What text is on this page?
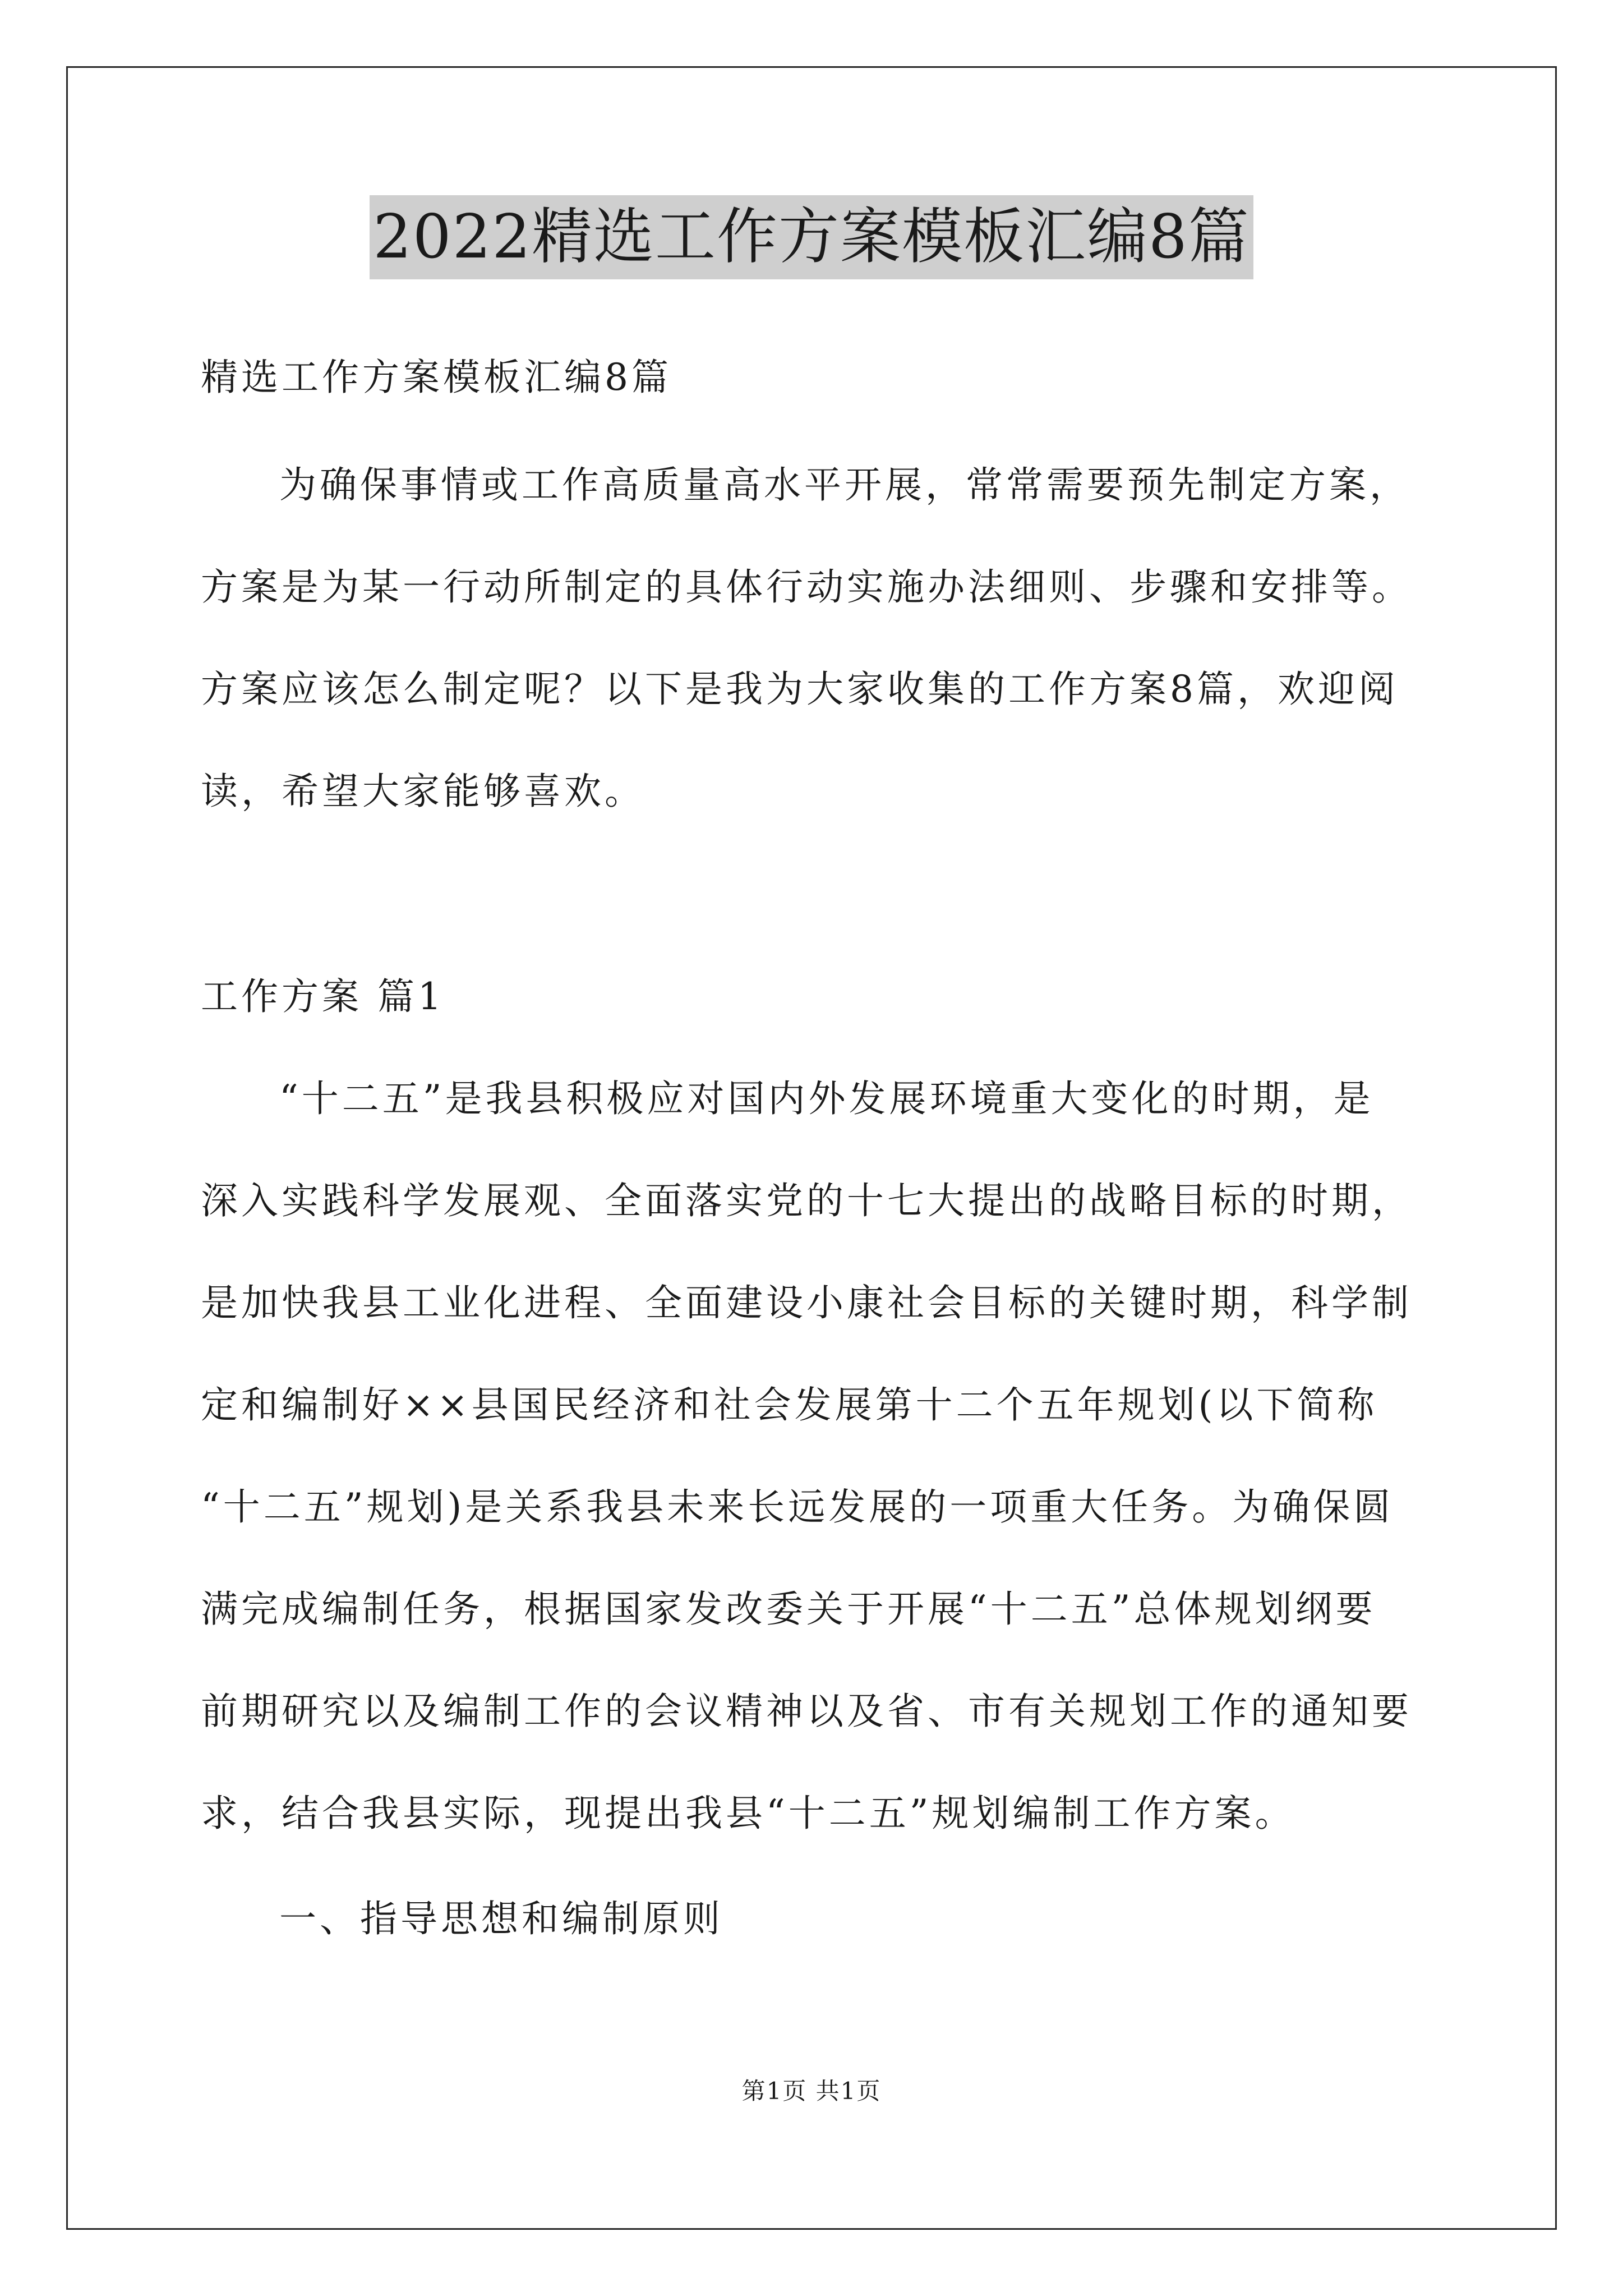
2022精选工作方案模板汇编8篇
精选工作方案模板汇编8篇
为确保事情或工作高质量高水平开展，常常需要预先制定方案，
方案是为某一行动所制定的具体行动实施办法细则、步骤和安排等。
方案应该怎么制定呢？以下是我为大家收集的工作方案8篇，欢迎阅
读，希望大家能够喜欢。
工作方案 篇1
“十二五”是我县积极应对国内外发展环境重大变化的时期，是
深入实践科学发展观、全面落实党的十七大提出的战略目标的时期，
是加快我县工业化进程、全面建设小康社会目标的关键时期，科学制
定和编制好××县国民经济和社会发展第十二个五年规划(以下简称
“十二五”规划)是关系我县未来长远发展的一项重大任务。为确保圆
满完成编制任务，根据国家发改委关于开展“十二五”总体规划纲要
前期研究以及编制工作的会议精神以及省、市有关规划工作的通知要
求，结合我县实际，现提出我县“十二五”规划编制工作方案。
一、指导思想和编制原则
第1页 共1页
